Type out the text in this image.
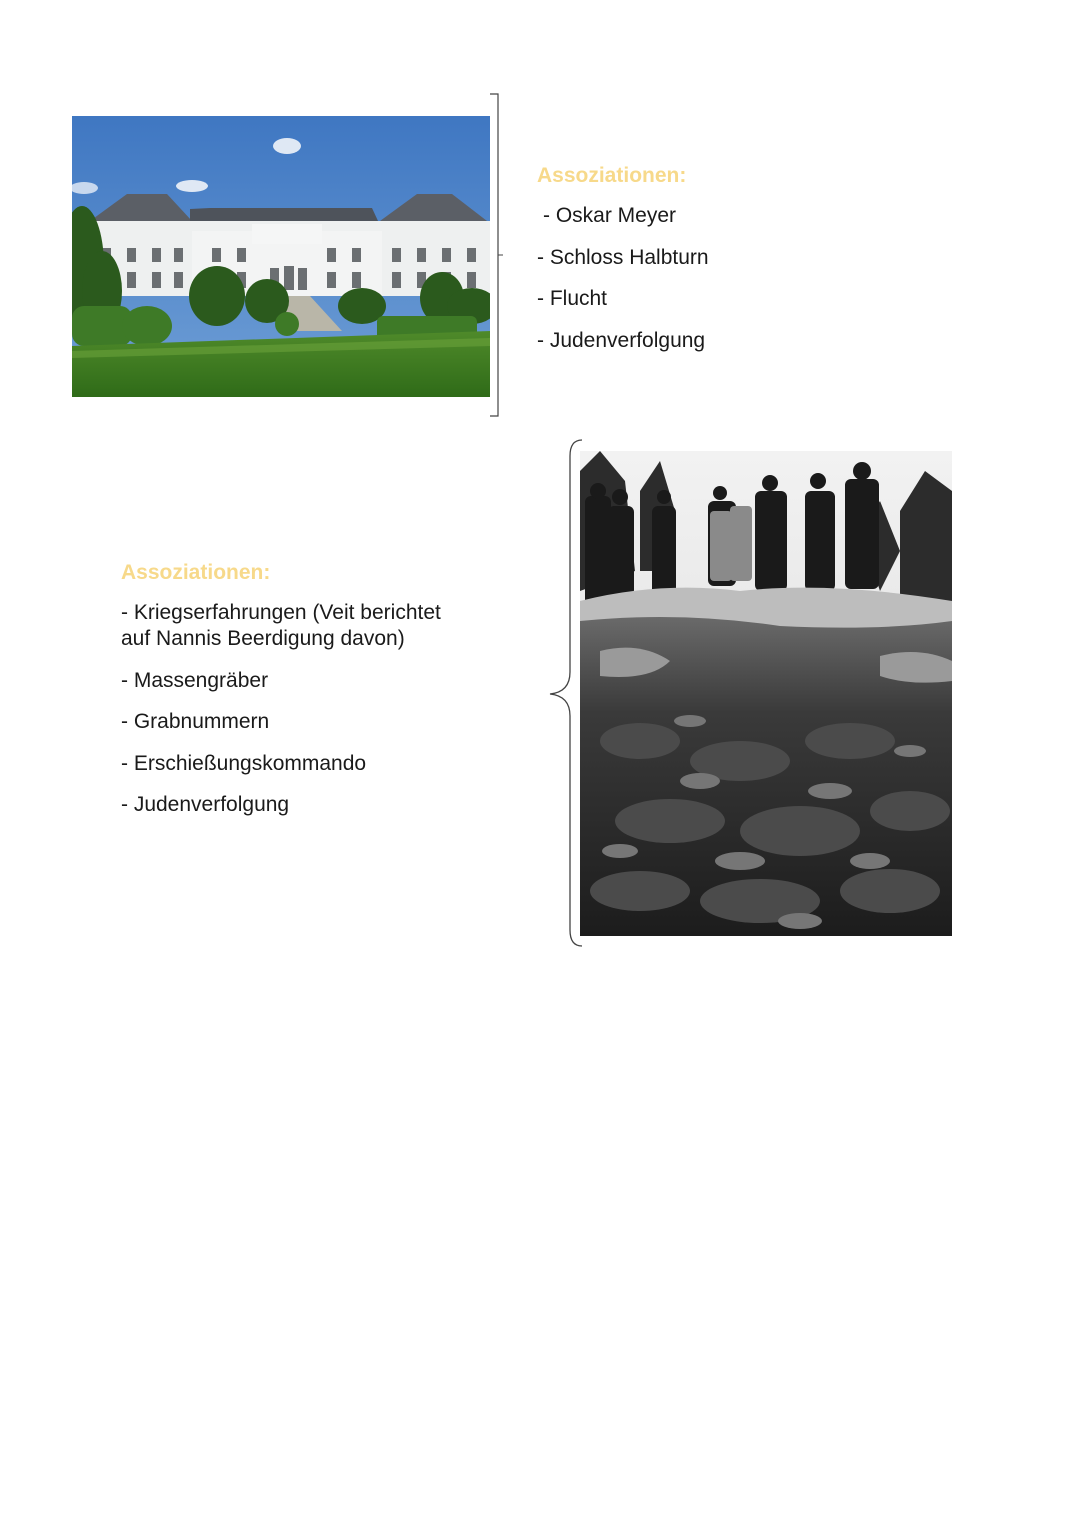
Assoziationen:
- Oskar Meyer
- Schloss Halbturn
- Flucht
- Judenverfolgung
Assoziationen:
- Kriegserfahrungen (Veit berichtet auf Nannis Beerdigung davon)
- Massengräber
- Grabnummern
- Erschießungskommando
- Judenverfolgung
